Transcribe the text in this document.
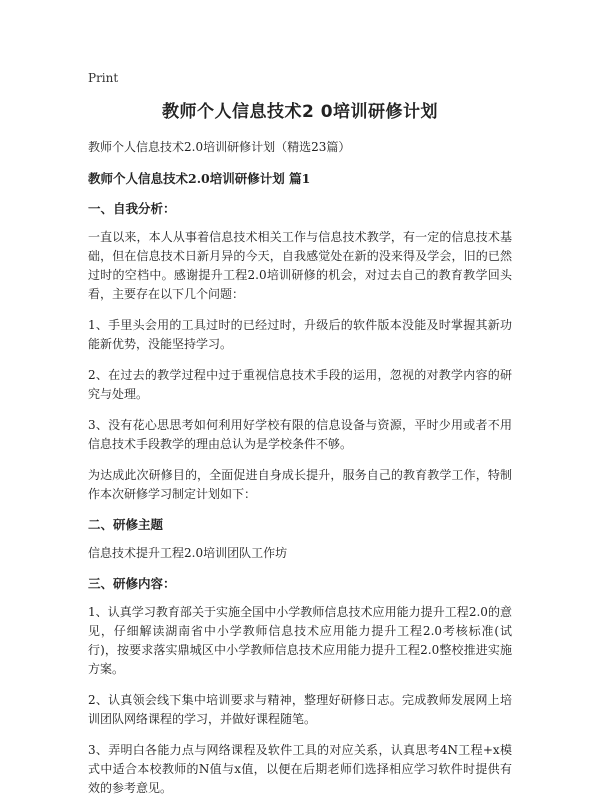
Print

教师个人信息技术2 0培训研修计划

教师个人信息技术2.0培训研修计划（精选23篇）

教师个人信息技术2.0培训研修计划 篇1
一、自我分析：

一直以来，本人从事着信息技术相关工作与信息技术教学，有一定的信息技术基础，但在信息技术日新月异的今天，自我感觉处在新的没来得及学会，旧的已然过时的空档中。感谢提升工程2.0培训研修的机会，对过去自己的教育教学回头看，主要存在以下几个问题：

1、手里头会用的工具过时的已经过时，升级后的软件版本没能及时掌握其新功能新优势，没能坚持学习。

2、在过去的教学过程中过于重视信息技术手段的运用，忽视的对教学内容的研究与处理。

3、没有花心思思考如何利用好学校有限的信息设备与资源，平时少用或者不用信息技术手段教学的理由总认为是学校条件不够。

为达成此次研修目的，全面促进自身成长提升，服务自己的教育教学工作，特制作本次研修学习制定计划如下：

二、研修主题

信息技术提升工程2.0培训团队工作坊

三、研修内容：

1、认真学习教育部关于实施全国中小学教师信息技术应用能力提升工程2.0的意见，仔细解读湖南省中小学教师信息技术应用能力提升工程2.0考核标准(试行)，按要求落实鼎城区中小学教师信息技术应用能力提升工程2.0整校推进实施方案。

2、认真领会线下集中培训要求与精神，整理好研修日志。完成教师发展网上培训团队网络课程的学习，并做好课程随笔。

3、弄明白各能力点与网络课程及软件工具的对应关系，认真思考4N工程+x模式中适合本校教师的N值与x值，以便在后期老师们选择相应学习软件时提供有效的参考意见。
